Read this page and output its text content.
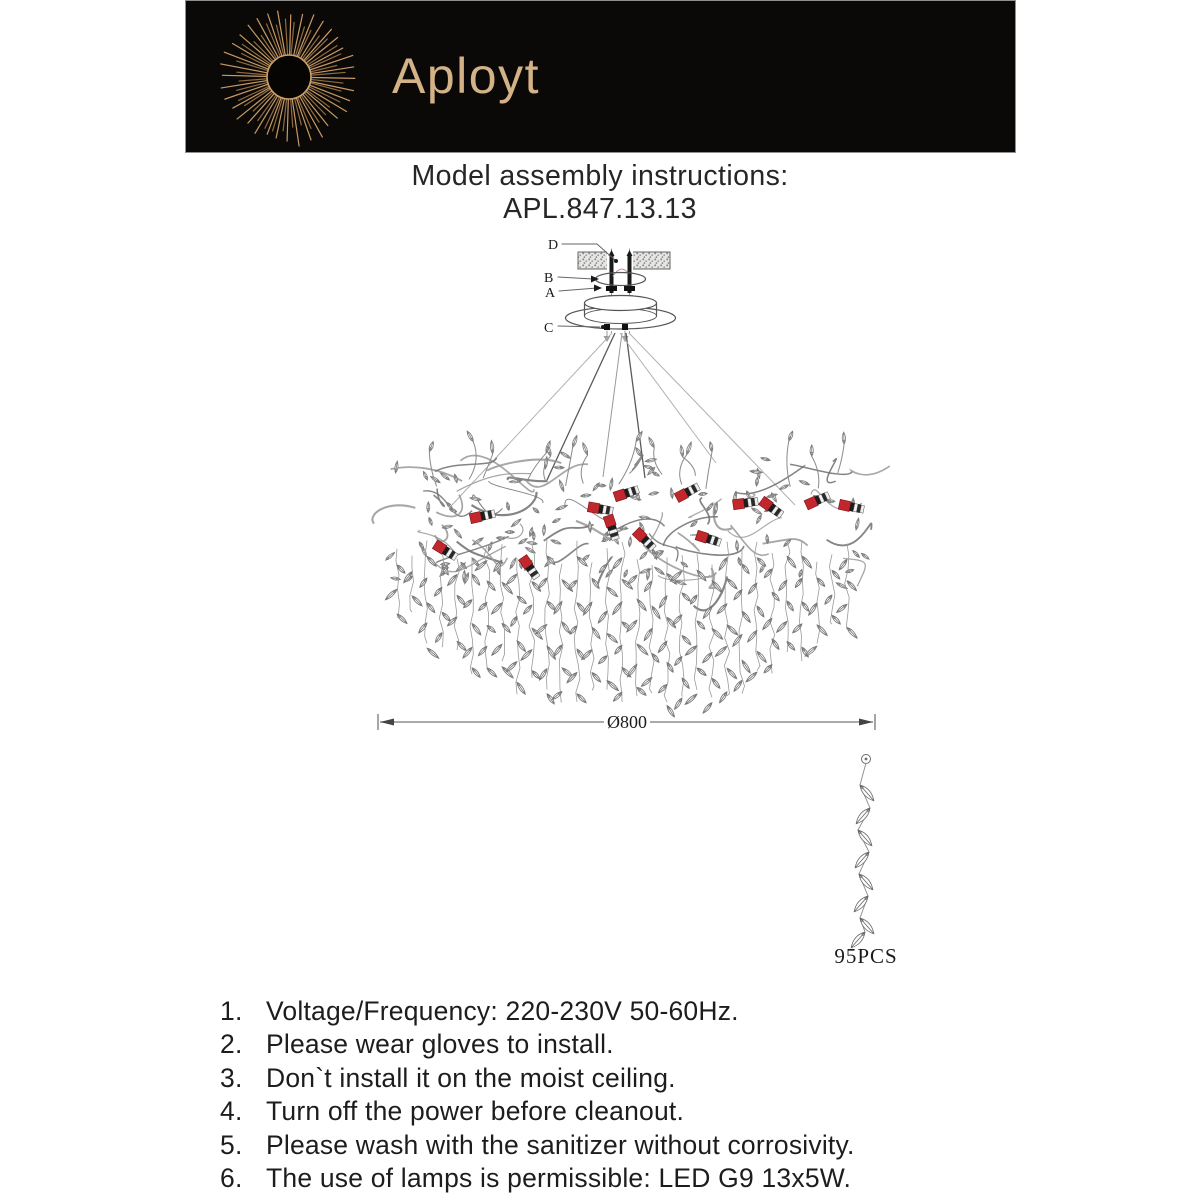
Aployt
Model assembly instructions:
APL.847.13.13
D
B
A
C
Ø800
95PCS
1. Voltage/Frequency: 220-230V 50-60Hz.
2. Please wear gloves to install.
3. Don`t install it on the moist ceiling.
4. Turn off the power before cleanout.
5. Please wash with the sanitizer without corrosivity.
6. The use of lamps is permissible: LED G9 13x5W.
